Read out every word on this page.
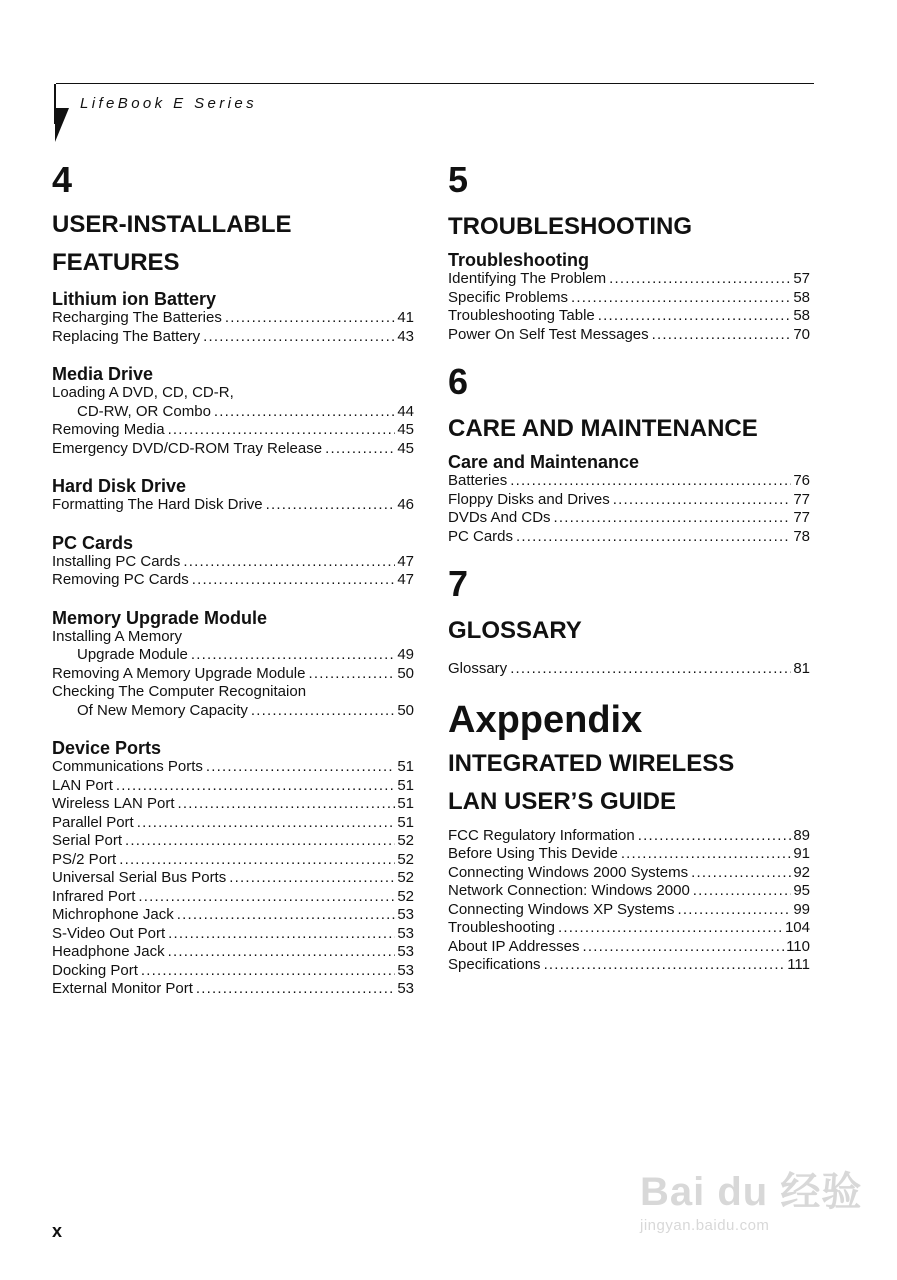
LifeBook E Series
4
USER-INSTALLABLE
FEATURES
Lithium ion Battery
Recharging The Batteries .....	41
Replacing The Battery .....	43
Media Drive
Loading A DVD, CD, CD-R,
CD-RW, OR Combo .....	44
Removing Media .....	45
Emergency DVD/CD-ROM Tray Release .....	45
Hard Disk Drive
Formatting The Hard Disk Drive .....	46
PC Cards
Installing PC Cards .....	47
Removing PC Cards .....	47
Memory Upgrade Module
Installing A Memory
Upgrade Module .....	49
Removing A Memory Upgrade Module .....	50
Checking The Computer Recognitaion
Of New Memory Capacity .....	50
Device Ports
Communications Ports .....	51
LAN Port .....	51
Wireless LAN Port .....	51
Parallel Port .....	51
Serial Port .....	52
PS/2 Port .....	52
Universal Serial Bus Ports .....	52
Infrared Port .....	52
Michrophone Jack .....	53
S-Video Out Port .....	53
Headphone Jack .....	53
Docking Port .....	53
External Monitor Port .....	53
5
TROUBLESHOOTING
Troubleshooting
Identifying The Problem .....	57
Specific Problems .....	58
Troubleshooting Table .....	58
Power On Self Test Messages .....	70
6
CARE AND MAINTENANCE
Care and Maintenance
Batteries .....	76
Floppy Disks and Drives .....	77
DVDs And CDs .....	77
PC Cards .....	78
7
GLOSSARY
Glossary .....	81
Axppendix
INTEGRATED WIRELESS
LAN USER’S GUIDE
FCC Regulatory Information .....	89
Before Using This Devide .....	91
Connecting Windows 2000 Systems .....	92
Network Connection: Windows 2000 .....	95
Connecting Windows XP Systems .....	99
Troubleshooting .....	104
About IP Addresses .....	110
Specifications .....	111
x
Bai du 经验
jingyan.baidu.com
